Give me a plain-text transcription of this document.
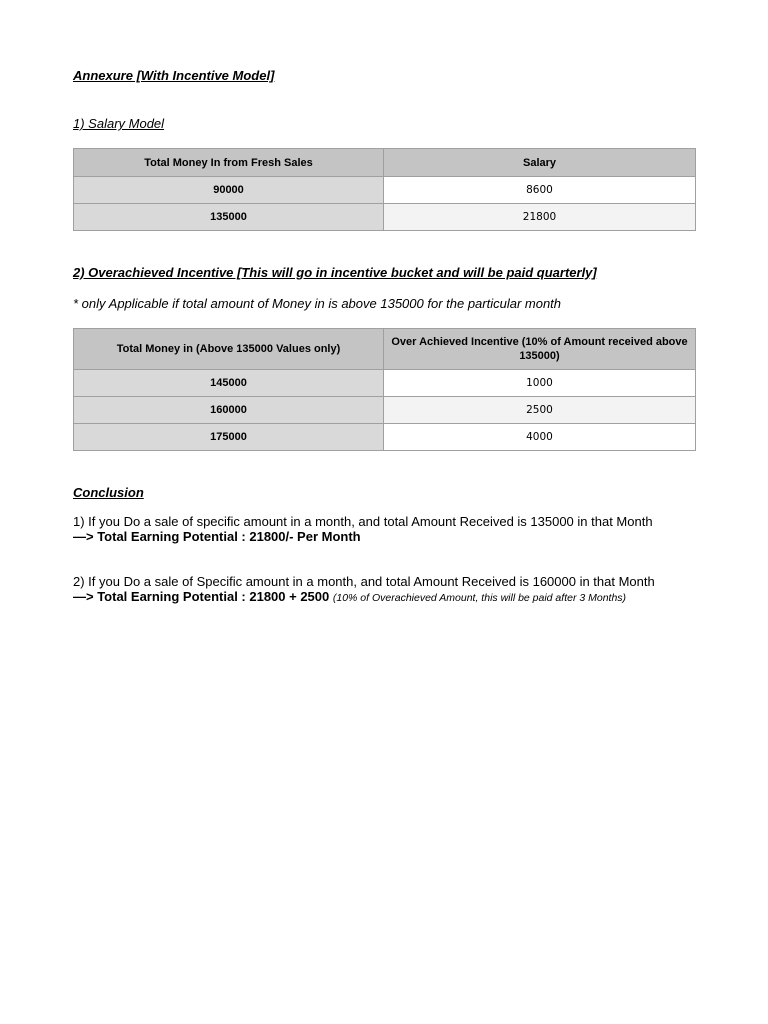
Annexure [With Incentive Model]
1) Salary Model
Total Money In from Fresh Sales	Salary
90000	8600
135000	21800
2) Overachieved Incentive [This will go in incentive bucket and will be paid quarterly]
* only Applicable if total amount of Money in is above 135000 for the particular month
Total Money in (Above 135000 Values only)	Over Achieved Incentive (10% of Amount received above 135000)
145000	1000
160000	2500
175000	4000
Conclusion
1) If you Do a sale of specific amount in a month, and total Amount Received is 135000 in that Month
—> Total Earning Potential : 21800/- Per Month
2) If you Do a sale of Specific amount in a month, and total Amount Received is 160000 in that Month
—> Total Earning Potential : 21800 + 2500 (10% of Overachieved Amount, this will be paid after 3 Months)
